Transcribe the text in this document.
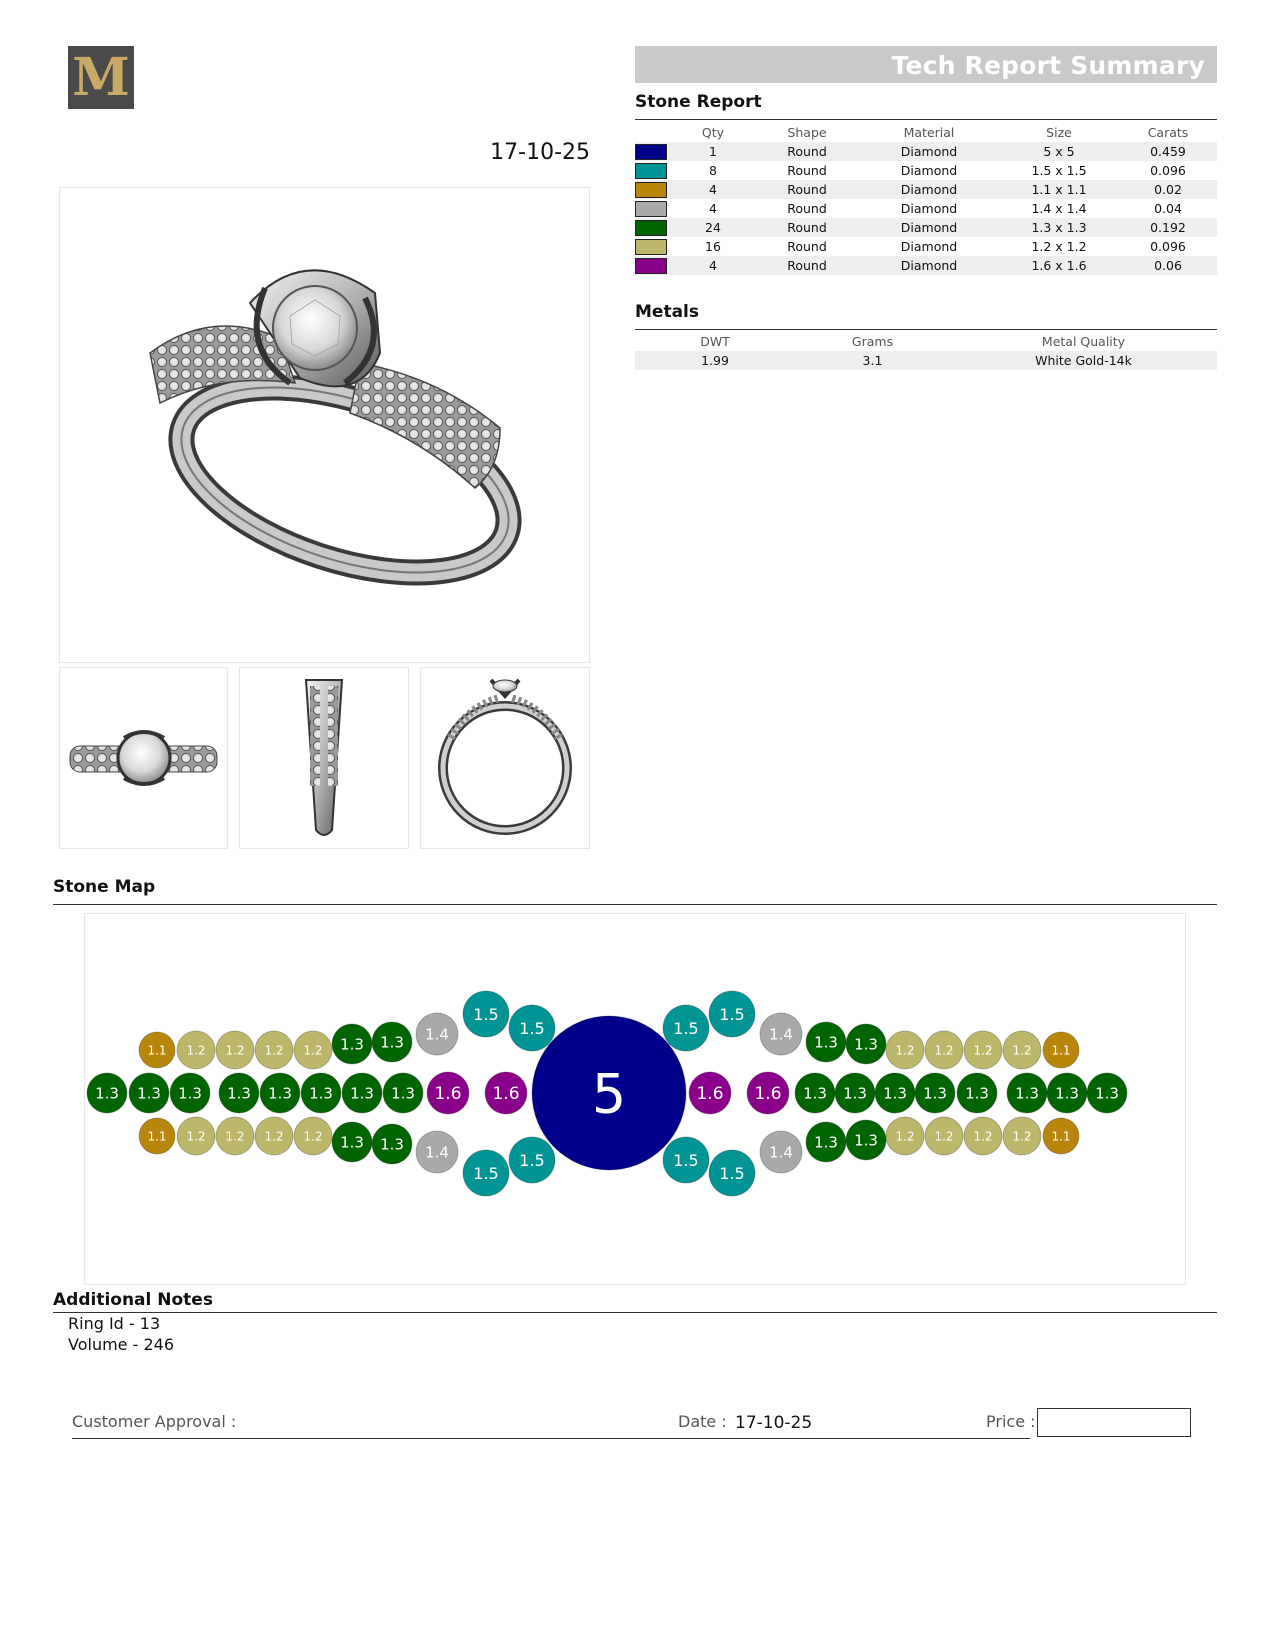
M	Tech Report Summary
17-10-25
Stone Report
	Qty	Shape	Material	Size	Carats
	1	Round	Diamond	5 x 5	0.459
	8	Round	Diamond	1.5 x 1.5	0.096
	4	Round	Diamond	1.1 x 1.1	0.02
	4	Round	Diamond	1.4 x 1.4	0.04
	24	Round	Diamond	1.3 x 1.3	0.192
	16	Round	Diamond	1.2 x 1.2	0.096
	4	Round	Diamond	1.6 x 1.6	0.06
Metals
DWT	Grams	Metal Quality
1.99	3.1	White Gold-14k
Stone Map
1.1 1.2 1.2 1.2 1.2 1.3 1.3 1.4
1.5
1.5
1.5
1.5
1.5
1.5
1.5
1.5
1.4 1.3 1.3 1.2 1.2 1.2 1.2 1.1
1.1 1.2 1.2 1.2 1.2 1.3 1.3 1.4	1.4
1.3 1.3 1.2 1.2 1.2 1.2 1.1
1.3 1.3 1.3 1.3 1.3 1.3 1.3 1.3 1.6 1.6	1.6 1.6 1.3 1.3 1.3 1.3 1.3 1.3 1.3 1.3
5
Additional Notes
Ring Id - 13
Volume - 246
Customer Approval :	Date : 17-10-25	Price :
